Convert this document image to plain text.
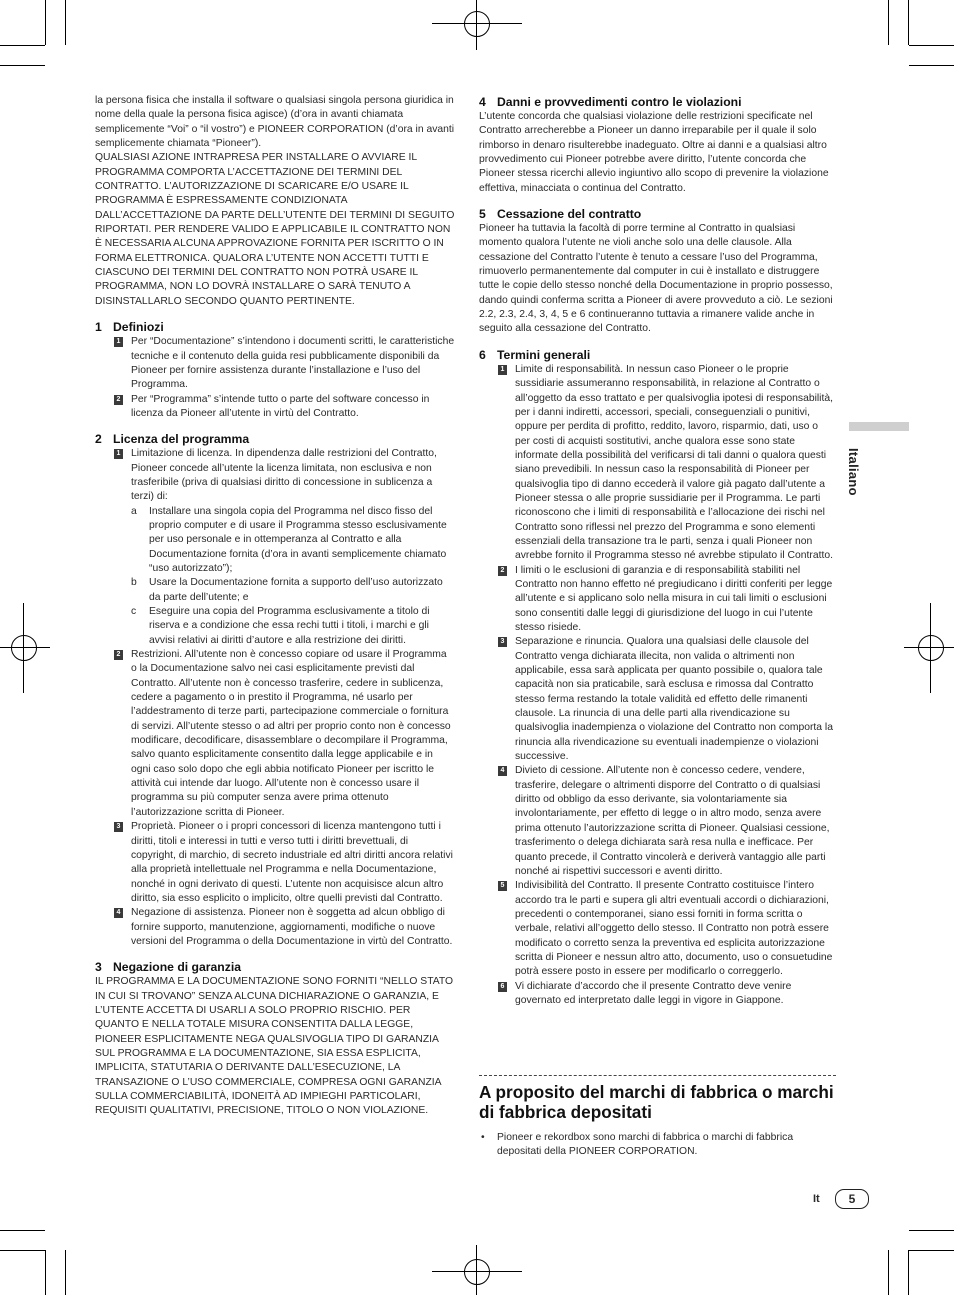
la persona fisica che installa il software o qualsiasi singola persona giuridica in nome della quale la persona fisica agisce) (d’ora in avanti chiamata semplicemente “Voi” o “il vostro”) e PIONEER CORPORATION (d’ora in avanti semplicemente chiamata “Pioneer”).

QUALSIASI AZIONE INTRAPRESA PER INSTALLARE O AVVIARE IL PROGRAMMA COMPORTA L’ACCETTAZIONE DEI TERMINI DEL CONTRATTO. L’AUTORIZZAZIONE DI SCARICARE E/O USARE IL PROGRAMMA È ESPRESSAMENTE CONDIZIONATA DALL’ACCETTAZIONE DA PARTE DELL’UTENTE DEI TERMINI DI SEGUITO RIPORTATI. PER RENDERE VALIDO E APPLICABILE IL CONTRATTO NON È NECESSARIA ALCUNA APPROVAZIONE FORNITA PER ISCRITTO O IN FORMA ELETTRONICA. QUALORA L’UTENTE NON ACCETTI TUTTI E CIASCUNO DEI TERMINI DEL CONTRATTO NON POTRÀ USARE IL PROGRAMMA, NON LO DOVRÀ INSTALLARE O SARÀ TENUTO A DISINSTALLARLO SECONDO QUANTO PERTINENTE.

1 Definiozi

1 Per “Documentazione” s’intendono i documenti scritti, le caratteristiche tecniche e il contenuto della guida resi pubblicamente disponibili da Pioneer per fornire assistenza durante l’installazione e l’uso del Programma.

2 Per “Programma” s’intende tutto o parte del software concesso in licenza da Pioneer all’utente in virtù del Contratto.

2 Licenza del programma

1 Limitazione di licenza. In dipendenza dalle restrizioni del Contratto, Pioneer concede all’utente la licenza limitata, non esclusiva e non trasferibile (priva di qualsiasi diritto di concessione in sublicenza a terzi) di:

a Installare una singola copia del Programma nel disco fisso del proprio computer e di usare il Programma stesso esclusivamente per uso personale e in ottemperanza al Contratto e alla Documentazione fornita (d’ora in avanti semplicemente chiamato “uso autorizzato”);

b Usare la Documentazione fornita a supporto dell’uso autorizzato da parte dell’utente; e

c Eseguire una copia del Programma esclusivamente a titolo di riserva e a condizione che essa rechi tutti i titoli, i marchi e gli avvisi relativi ai diritti d’autore e alla restrizione dei diritti.

2 Restrizioni. All’utente non è concesso copiare od usare il Programma o la Documentazione salvo nei casi esplicitamente previsti dal Contratto. All’utente non è concesso trasferire, cedere in sublicenza, cedere a pagamento o in prestito il Programma, né usarlo per l’addestramento di terze parti, partecipazione commerciale o fornitura di servizi. All’utente stesso o ad altri per proprio conto non è concesso modificare, decodificare, disassemblare o decompilare il Programma, salvo quanto esplicitamente consentito dalla legge applicabile e in ogni caso solo dopo che egli abbia notificato Pioneer per iscritto le attività cui intende dar luogo. All’utente non è concesso usare il programma su più computer senza avere prima ottenuto l’autorizzazione scritta di Pioneer.

3 Proprietà. Pioneer o i propri concessori di licenza mantengono tutti i diritti, titoli e interessi in tutti e verso tutti i diritti brevettuali, di copyright, di marchio, di secreto industriale ed altri diritti ancora relativi alla proprietà intellettuale nel Programma e nella Documentazione, nonché in ogni derivato di questi. L’utente non acquisisce alcun altro diritto, sia esso esplicito o implicito, oltre quelli previsti dal Contratto.

4 Negazione di assistenza. Pioneer non è soggetta ad alcun obbligo di fornire supporto, manutenzione, aggiornamenti, modifiche o nuove versioni del Programma o della Documentazione in virtù del Contratto.

3 Negazione di garanzia

IL PROGRAMMA E LA DOCUMENTAZIONE SONO FORNITI “NELLO STATO IN CUI SI TROVANO” SENZA ALCUNA DICHIARAZIONE O GARANZIA, E L’UTENTE ACCETTA DI USARLI A SOLO PROPRIO RISCHIO. PER QUANTO E NELLA TOTALE MISURA CONSENTITA DALLA LEGGE, PIONEER ESPLICITAMENTE NEGA QUALSIVOGLIA TIPO DI GARANZIA SUL PROGRAMMA E LA DOCUMENTAZIONE, SIA ESSA ESPLICITA, IMPLICITA, STATUTARIA O DERIVANTE DALL’ESECUZIONE, LA TRANSAZIONE O L’USO COMMERCIALE, COMPRESA OGNI GARANZIA SULLA COMMERCIABILITÀ, IDONEITÀ AD IMPIEGHI PARTICOLARI, REQUISITI QUALITATIVI, PRECISIONE, TITOLO O NON VIOLAZIONE.

4 Danni e provvedimenti contro le violazioni

L’utente concorda che qualsiasi violazione delle restrizioni specificate nel Contratto arrecherebbe a Pioneer un danno irreparabile per il quale il solo rimborso in denaro risulterebbe inadeguato. Oltre ai danni e a qualsiasi altro provvedimento cui Pioneer potrebbe avere diritto, l’utente concorda che Pioneer stessa ricerchi allevio ingiuntivo allo scopo di prevenire la violazione effettiva, minacciata o continua del Contratto.

5 Cessazione del contratto

Pioneer ha tuttavia la facoltà di porre termine al Contratto in qualsiasi momento qualora l’utente ne violi anche solo una delle clausole. Alla cessazione del Contratto l’utente è tenuto a cessare l’uso del Programma, rimuoverlo permanentemente dal computer in cui è installato e distruggere tutte le copie dello stesso nonché della Documentazione in proprio possesso, dando quindi conferma scritta a Pioneer di avere provveduto a ciò. Le sezioni 2.2, 2.3, 2.4, 3, 4, 5 e 6 continueranno tuttavia a rimanere valide anche in seguito alla cessazione del Contratto.

6 Termini generali

1 Limite di responsabilità. In nessun caso Pioneer o le proprie sussidiarie assumeranno responsabilità, in relazione al Contratto o all’oggetto da esso trattato e per qualsivoglia ipotesi di responsabilità, per i danni indiretti, accessori, speciali, conseguenziali o punitivi, oppure per perdita di profitto, reddito, lavoro, risparmio, dati, uso o per costi di acquisti sostitutivi, anche qualora esse sono state informate della possibilità del verificarsi di tali danni o qualora questi siano prevedibili. In nessun caso la responsabilità di Pioneer per qualsivoglia tipo di danno eccederà il valore già pagato dall’utente a Pioneer stessa o alle proprie sussidiarie per il Programma. Le parti riconoscono che i limiti di responsabilità e l’allocazione dei rischi nel Contratto sono riflessi nel prezzo del Programma e sono elementi essenziali della transazione tra le parti, senza i quali Pioneer non avrebbe fornito il Programma stesso né avrebbe stipulato il Contratto.

2 I limiti o le esclusioni di garanzia e di responsabilità stabiliti nel Contratto non hanno effetto né pregiudicano i diritti conferiti per legge all’utente e si applicano solo nella misura in cui tali limiti o esclusioni sono consentiti dalle leggi di giurisdizione del luogo in cui l’utente stesso risiede.

3 Separazione e rinuncia. Qualora una qualsiasi delle clausole del Contratto venga dichiarata illecita, non valida o altrimenti non applicabile, essa sarà applicata per quanto possibile o, qualora tale capacità non sia praticabile, sarà esclusa e rimossa dal Contratto stesso ferma restando la totale validità ed effetto delle rimanenti clausole. La rinuncia di una delle parti alla rivendicazione su qualsivoglia inadempienza o violazione del Contratto non comporta la rinuncia alla rivendicazione su eventuali inadempienze o violazioni successive.

4 Divieto di cessione. All’utente non è concesso cedere, vendere, trasferire, delegare o altrimenti disporre del Contratto o di qualsiasi diritto od obbligo da esso derivante, sia volontariamente sia involontariamente, per effetto di legge o in altro modo, senza avere prima ottenuto l’autorizzazione scritta di Pioneer. Qualsiasi cessione, trasferimento o delega dichiarata sarà resa nulla e inefficace. Per quanto precede, il Contratto vincolerà e deriverà vantaggio alle parti nonché ai rispettivi successori e aventi diritto.

5 Indivisibilità del Contratto. Il presente Contratto costituisce l’intero accordo tra le parti e supera gli altri eventuali accordi o dichiarazioni, precedenti o contemporanei, siano essi forniti in forma scritta o verbale, relativi all’oggetto dello stesso. Il Contratto non potrà essere modificato o corretto senza la preventiva ed esplicita autorizzazione scritta di Pioneer e nessun altro atto, documento, uso o consuetudine potrà essere posto in essere per modificarlo o correggerlo.

6 Vi dichiarate d’accordo che il presente Contratto deve venire governato ed interpretato dalle leggi in vigore in Giappone.

A proposito del marchi di fabbrica o marchi di fabbrica depositati
• Pioneer e rekordbox sono marchi di fabbrica o marchi di fabbrica depositati della PIONEER CORPORATION.
Italiano
It	5
